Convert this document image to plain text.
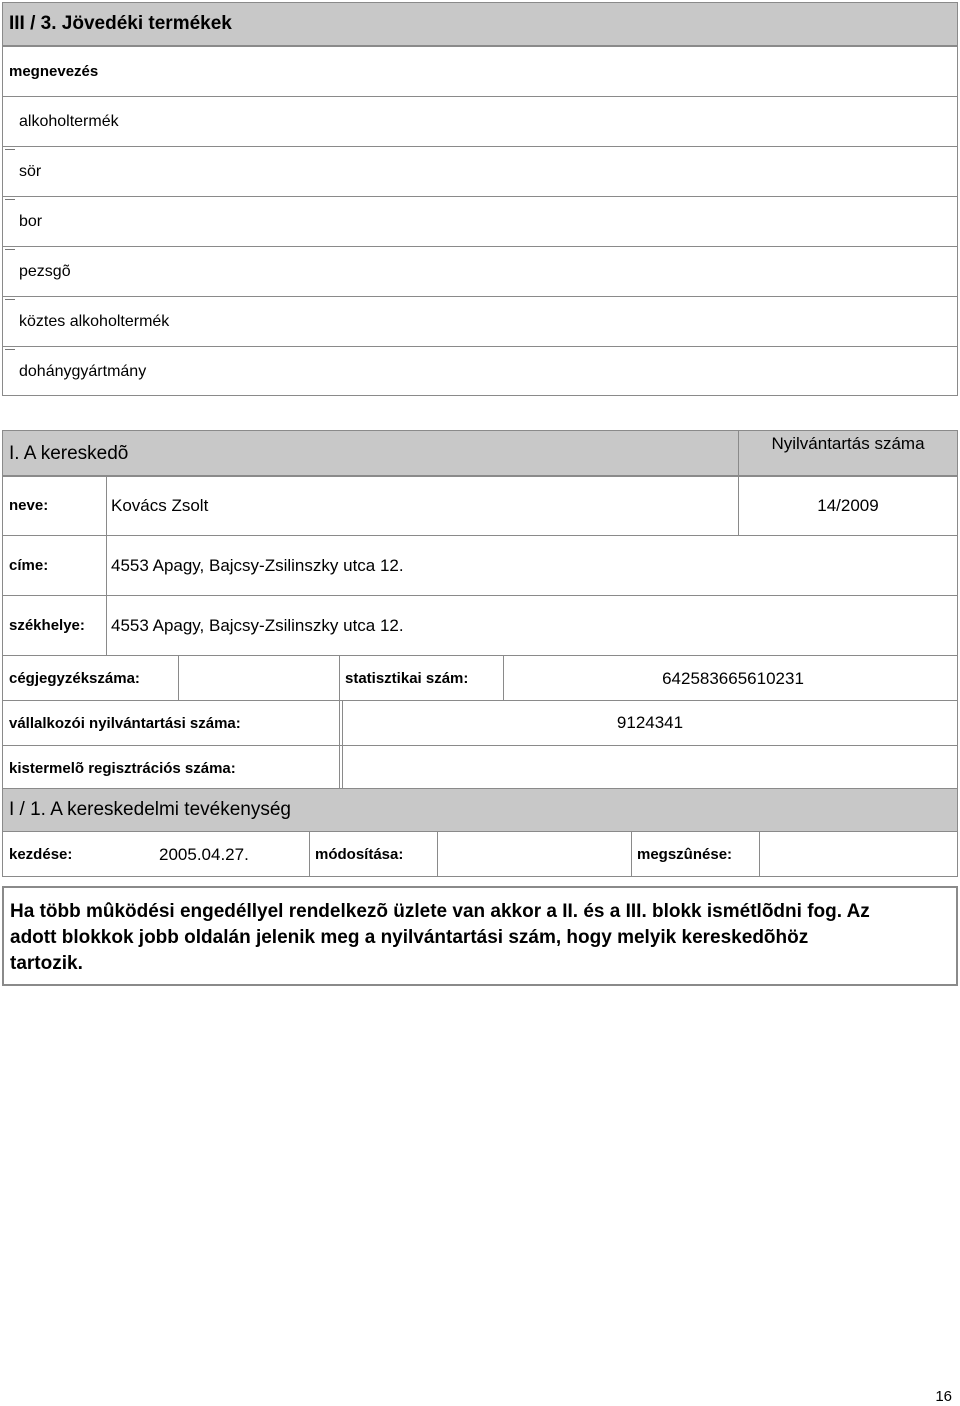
III / 3. Jövedéki termékek
megnevezés
alkoholtermék
sör
bor
pezsgõ
köztes alkoholtermék
dohánygyártmány
I. A kereskedõ	Nyilvántartás száma
neve:	Kovács Zsolt	14/2009
címe:	4553 Apagy, Bajcsy-Zsilinszky utca 12.
székhelye: 4553 Apagy, Bajcsy-Zsilinszky utca 12.
cégjegyzékszáma:	statisztikai szám:	642583665610231
vállalkozói nyilvántartási száma:	9124341
kistermelõ regisztrációs száma:
I / 1. A kereskedelmi tevékenység
kezdése:	2005.04.27.	módosítása:	megszûnése:
Ha több mûködési engedéllyel rendelkezõ üzlete van akkor a II. és a III. blokk ismétlõdni fog. Az adott blokkok jobb oldalán jelenik meg a nyilvántartási szám, hogy melyik kereskedõhöz tartozik.
16
